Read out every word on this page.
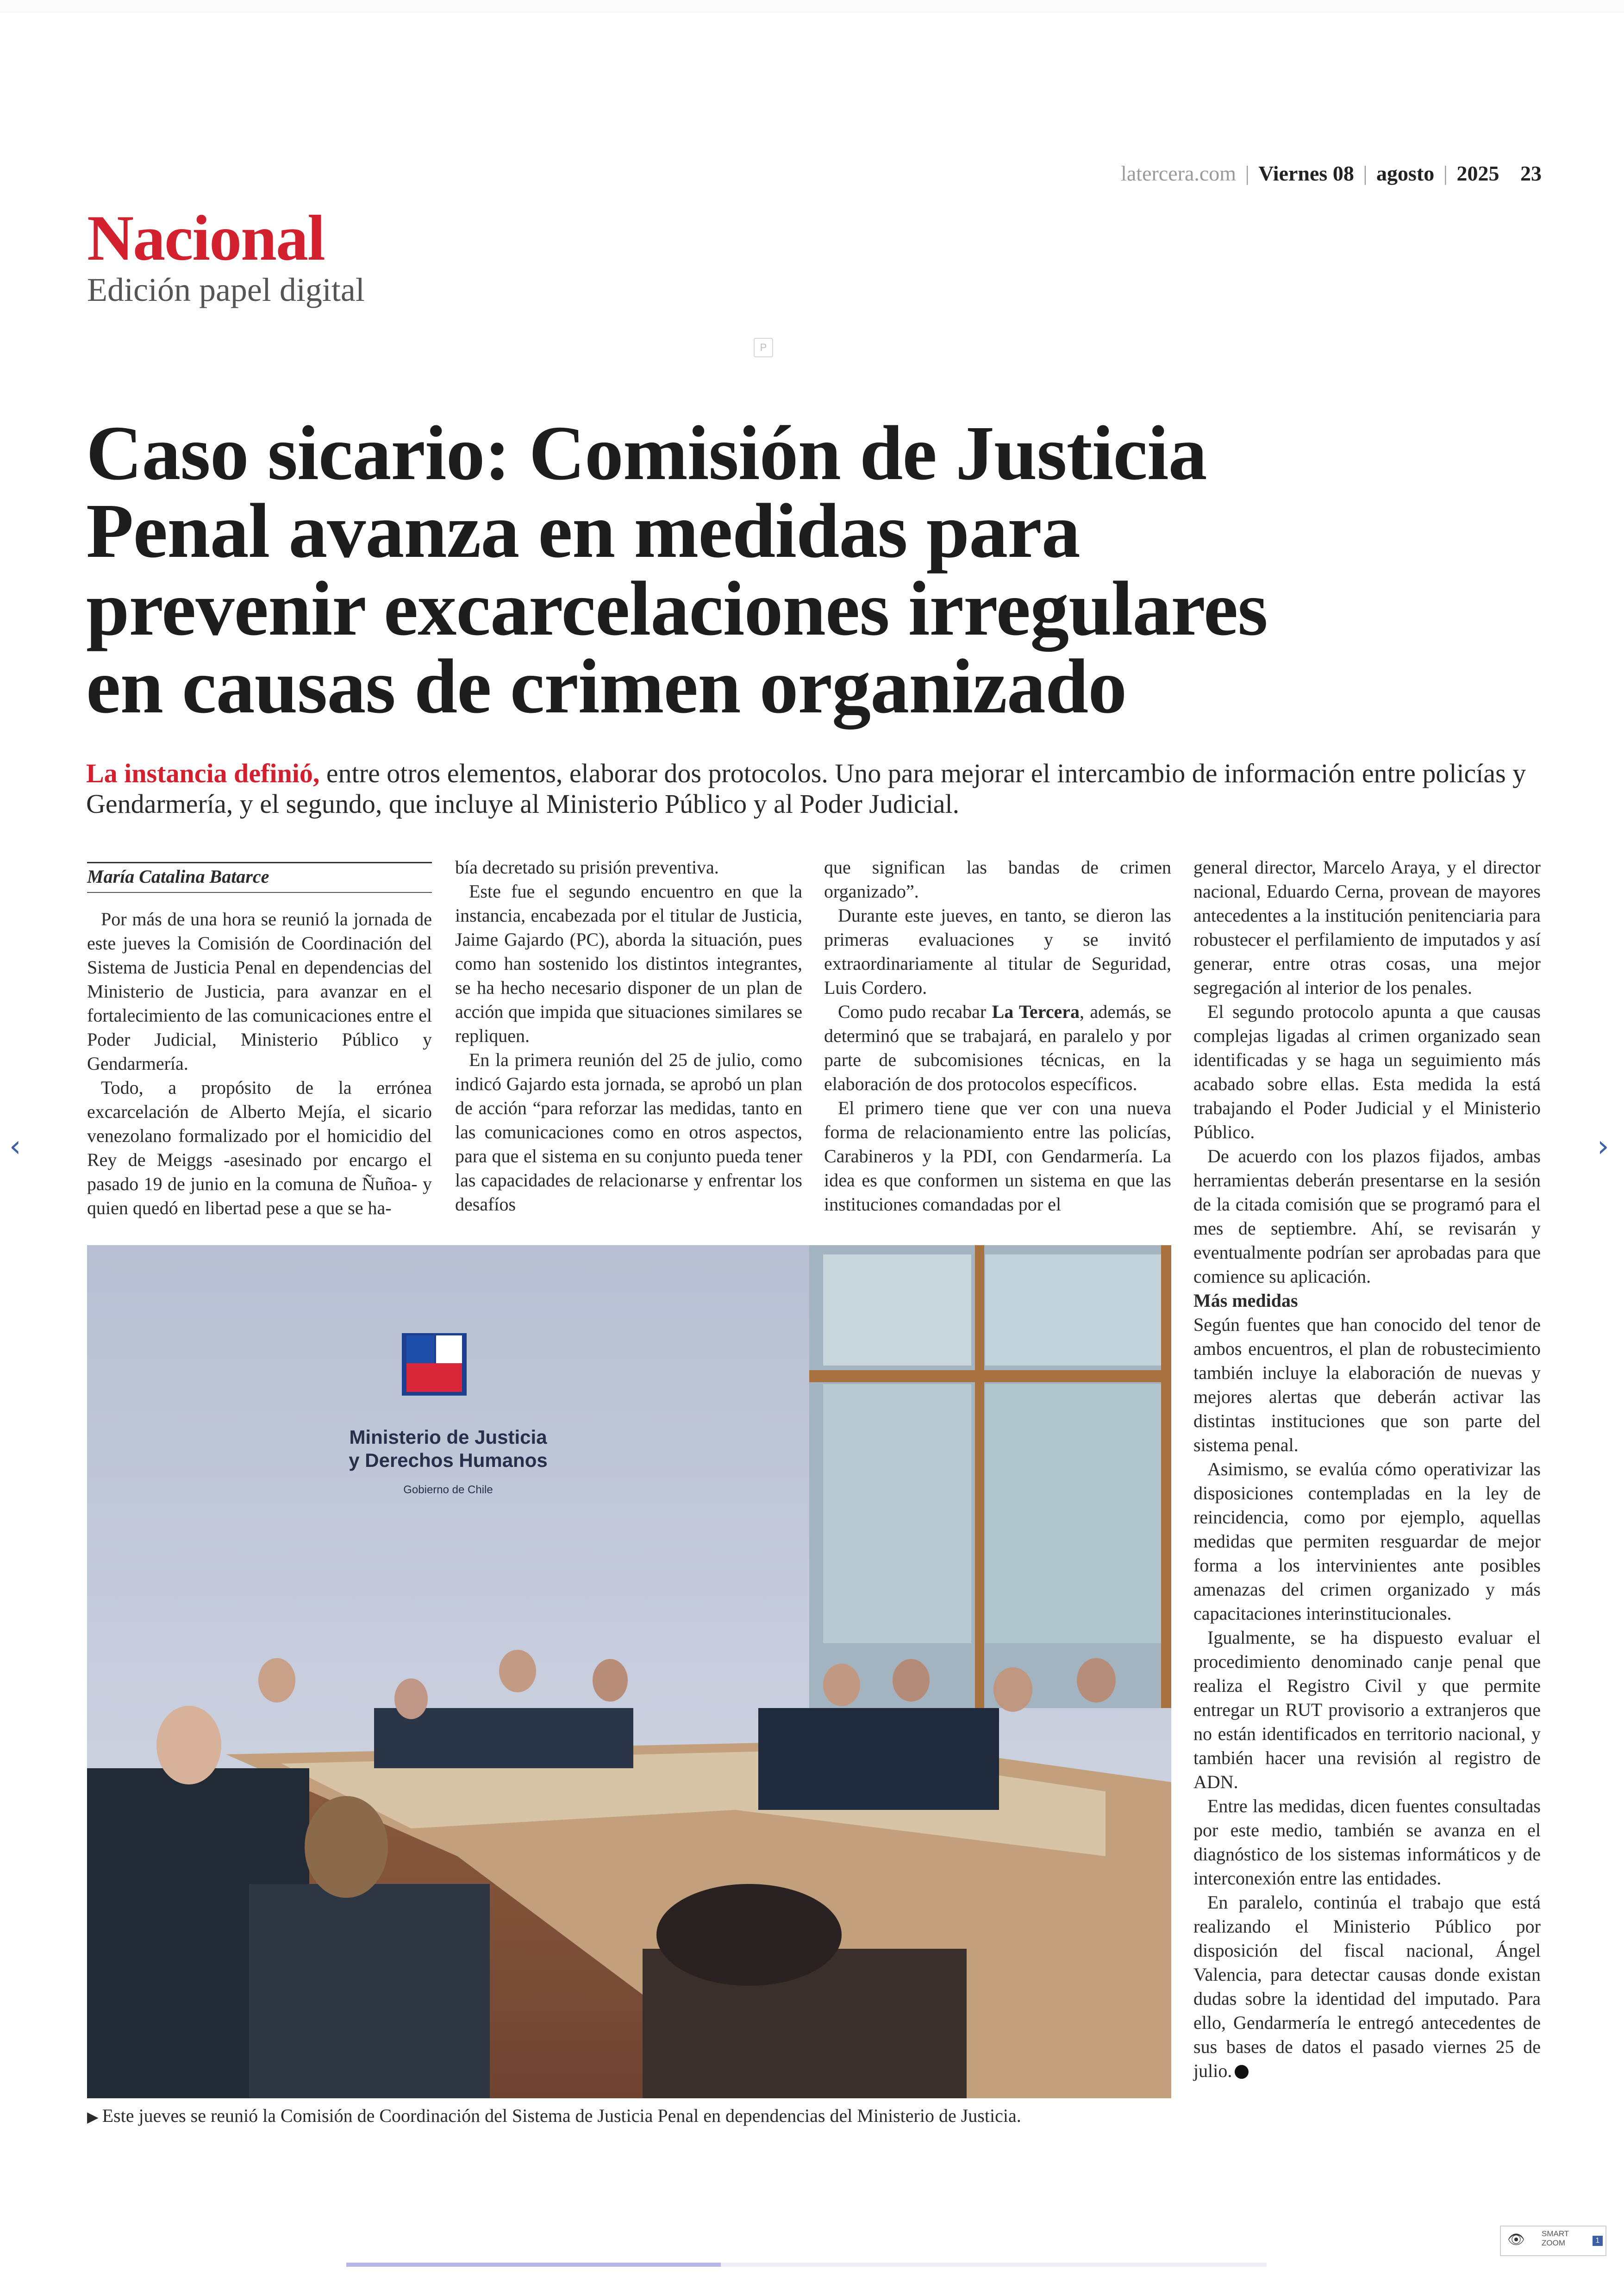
latercera.com | Viernes 08 | agosto | 2025 23
Nacional
Edición papel digital
P
Caso sicario: Comisión de Justicia
Penal avanza en medidas para
prevenir excarcelaciones irregulares
en causas de crimen organizado
La instancia definió, entre otros elementos, elaborar dos protocolos. Uno para mejorar el intercambio de información entre policías y Gendarmería, y el segundo, que incluye al Ministerio Público y al Poder Judicial.
María Catalina Batarce

Por más de una hora se reunió la jornada de este jueves la Comisión de Coordinación del Sistema de Justicia Penal en dependencias del Ministerio de Justicia, para avanzar en el fortalecimiento de las comunicaciones entre el Poder Judicial, Ministerio Público y Gendarmería.

Todo, a propósito de la errónea excarcelación de Alberto Mejía, el sicario venezolano formalizado por el homicidio del Rey de Meiggs -asesinado por encargo el pasado 19 de junio en la comuna de Ñuñoa- y quien quedó en libertad pese a que se ha-

bía decretado su prisión preventiva.

Este fue el segundo encuentro en que la instancia, encabezada por el titular de Justicia, Jaime Gajardo (PC), aborda la situación, pues como han sostenido los distintos integrantes, se ha hecho necesario disponer de un plan de acción que impida que situaciones similares se repliquen.

En la primera reunión del 25 de julio, como indicó Gajardo esta jornada, se aprobó un plan de acción “para reforzar las medidas, tanto en las comunicaciones como en otros aspectos, para que el sistema en su conjunto pueda tener las capacidades de relacionarse y enfrentar los desafíos

que significan las bandas de crimen organizado”.

Durante este jueves, en tanto, se dieron las primeras evaluaciones y se invitó extraordinariamente al titular de Seguridad, Luis Cordero.

Como pudo recabar La Tercera, además, se determinó que se trabajará, en paralelo y por parte de subcomisiones técnicas, en la elaboración de dos protocolos específicos.

El primero tiene que ver con una nueva forma de relacionamiento entre las policías, Carabineros y la PDI, con Gendarmería. La idea es que conformen un sistema en que las instituciones comandadas por el

general director, Marcelo Araya, y el director nacional, Eduardo Cerna, provean de mayores antecedentes a la institución penitenciaria para robustecer el perfilamiento de imputados y así generar, entre otras cosas, una mejor segregación al interior de los penales.

El segundo protocolo apunta a que causas complejas ligadas al crimen organizado sean identificadas y se haga un seguimiento más acabado sobre ellas. Esta medida la está trabajando el Poder Judicial y el Ministerio Público.

De acuerdo con los plazos fijados, ambas herramientas deberán presentarse en la sesión de la citada comisión que se programó para el mes de septiembre. Ahí, se revisarán y eventualmente podrían ser aprobadas para que comience su aplicación.

Más medidas

Según fuentes que han conocido del tenor de ambos encuentros, el plan de robustecimiento también incluye la elaboración de nuevas y mejores alertas que deberán activar las distintas instituciones que son parte del sistema penal.

Asimismo, se evalúa cómo operativizar las disposiciones contempladas en la ley de reincidencia, como por ejemplo, aquellas medidas que permiten resguardar de mejor forma a los intervinientes ante posibles amenazas del crimen organizado y más capacitaciones interinstitucionales.

Igualmente, se ha dispuesto evaluar el procedimiento denominado canje penal que realiza el Registro Civil y que permite entregar un RUT provisorio a extranjeros que no están identificados en territorio nacional, y también hacer una revisión al registro de ADN.

Entre las medidas, dicen fuentes consultadas por este medio, también se avanza en el diagnóstico de los sistemas informáticos y de interconexión entre las entidades.

En paralelo, continúa el trabajo que está realizando el Ministerio Público por disposición del fiscal nacional, Ángel Valencia, para detectar causas donde existan dudas sobre la identidad del imputado. Para ello, Gendarmería le entregó antecedentes de sus bases de datos el pasado viernes 25 de julio.

Ministerio de Justicia
y Derechos Humanos
Gobierno de Chile
▶ Este jueves se reunió la Comisión de Coordinación del Sistema de Justicia Penal en dependencias del Ministerio de Justicia.
‹	›
👁 SMART
ZOOM	1
